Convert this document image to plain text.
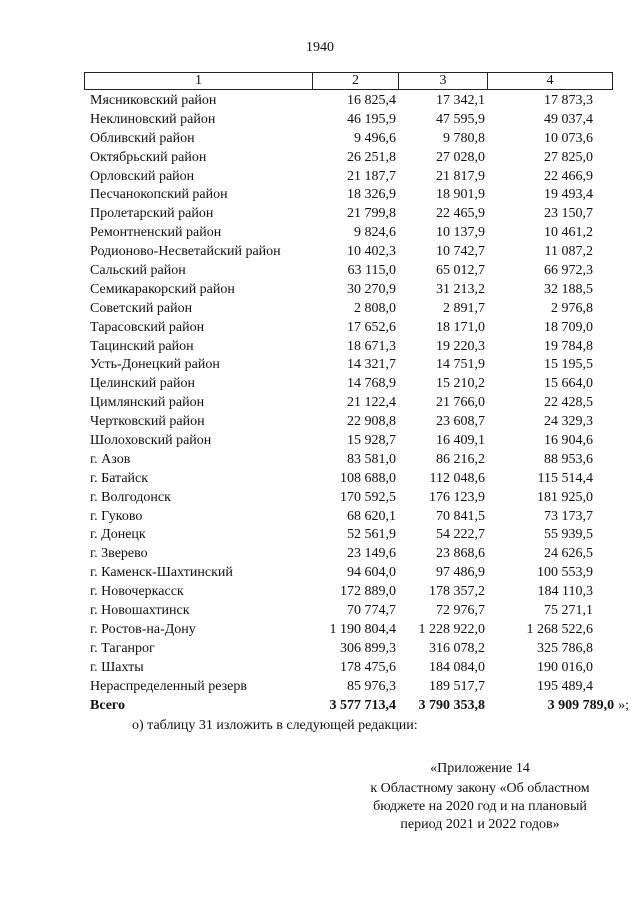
1940
1	2	3	4
Мясниковский район	16 825,4	17 342,1	17 873,3
Неклиновский район	46 195,9	47 595,9	49 037,4
Обливский район	9 496,6	9 780,8	10 073,6
Октябрьский район	26 251,8	27 028,0	27 825,0
Орловский район	21 187,7	21 817,9	22 466,9
Песчанокопский район	18 326,9	18 901,9	19 493,4
Пролетарский район	21 799,8	22 465,9	23 150,7
Ремонтненский район	9 824,6	10 137,9	10 461,2
Родионово-Несветайский район	10 402,3	10 742,7	11 087,2
Сальский район	63 115,0	65 012,7	66 972,3
Семикаракорский район	30 270,9	31 213,2	32 188,5
Советский район	2 808,0	2 891,7	2 976,8
Тарасовский район	17 652,6	18 171,0	18 709,0
Тацинский район	18 671,3	19 220,3	19 784,8
Усть-Донецкий район	14 321,7	14 751,9	15 195,5
Целинский район	14 768,9	15 210,2	15 664,0
Цимлянский район	21 122,4	21 766,0	22 428,5
Чертковский район	22 908,8	23 608,7	24 329,3
Шолоховский район	15 928,7	16 409,1	16 904,6
г. Азов	83 581,0	86 216,2	88 953,6
г. Батайск	108 688,0	112 048,6	115 514,4
г. Волгодонск	170 592,5	176 123,9	181 925,0
г. Гуково	68 620,1	70 841,5	73 173,7
г. Донецк	52 561,9	54 222,7	55 939,5
г. Зверево	23 149,6	23 868,6	24 626,5
г. Каменск-Шахтинский	94 604,0	97 486,9	100 553,9
г. Новочеркасск	172 889,0	178 357,2	184 110,3
г. Новошахтинск	70 774,7	72 976,7	75 271,1
г. Ростов-на-Дону	1 190 804,4	1 228 922,0	1 268 522,6
г. Таганрог	306 899,3	316 078,2	325 786,8
г. Шахты	178 475,6	184 084,0	190 016,0
Нераспределенный резерв	85 976,3	189 517,7	195 489,4
Всего	3 577 713,4	3 790 353,8	3 909 789,0 »;
о) таблицу 31 изложить в следующей редакции:
«Приложение 14
к Областному закону «Об областном
бюджете на 2020 год и на плановый
период 2021 и 2022 годов»
